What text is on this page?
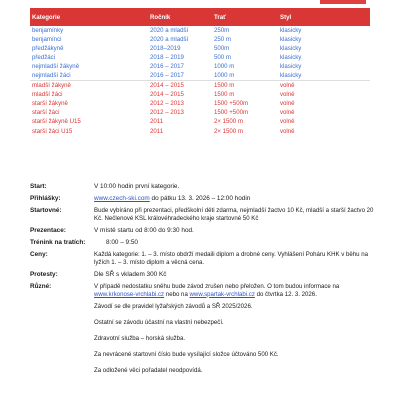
Kategorie	Ročník	Trať	Styl
benjamínky	2020 a mladší	250m	klasicky
benjamínci	2020 a mladší	250 m	klasicky
předžákyně	2018–2019	500m	klasicky
předžáci	2018 – 2019	500 m	klasicky
nejmladší žákyně	2016 – 2017	1000 m	klasicky
nejmladší žáci	2016 – 2017	1000 m	klasicky
mladší žákyně	2014 – 2015	1500 m	volně
mladší žáci	2014 – 2015	1500 m	volně
starší žákyně	2012 – 2013	1500 +500m	volně
starší žáci	2012 – 2013	1500 +500m	volně
starší žákyně U15	2011	2× 1500 m	volně
starší žáci U15	2011	2× 1500 m	volně
Start:	V 10:00 hodin první kategorie.
Přihlášky:	www.czech-ski.com do pátku 13. 3. 2026 – 12:00 hodin
Startovné:	Bude vybíráno při prezentaci, předškolní děti zdarma, nejmladší žactvo 10 Kč, mladší a starší žactvo 20 Kč. Nečlenové KSL královéhradeckého kraje startovné 50 Kč
Prezentace:	V místě startu od 8:00 do 9:30 hod.
Trénink na tratích:	8:00 – 9:50
Ceny:	Každá kategorie: 1. – 3. místo obdrží medaili diplom a drobné ceny. Vyhlášení Poháru KHK v běhu na lyžích 1. – 3. místo diplom a věcná cena.
Protesty:	Dle SŘ s vkladem 300 Kč
Různé:	V případě nedostatku sněhu bude závod zrušen nebo přeložen. O tom budou informace na www.krkonose-vrchlabi.cz nebo na www.spartak-vrchlabi.cz do čtvrtka 12. 3. 2026.
Závodí se dle pravidel lyžařských závodů a SŘ 2025/2026.
Ostatní se závodu účastní na vlastní nebezpečí.
Zdravotní služba – horská služba.
Za nevrácené startovní číslo bude vysílající složce účtováno 500 Kč.
Za odložené věci pořadatel neodpovídá.
